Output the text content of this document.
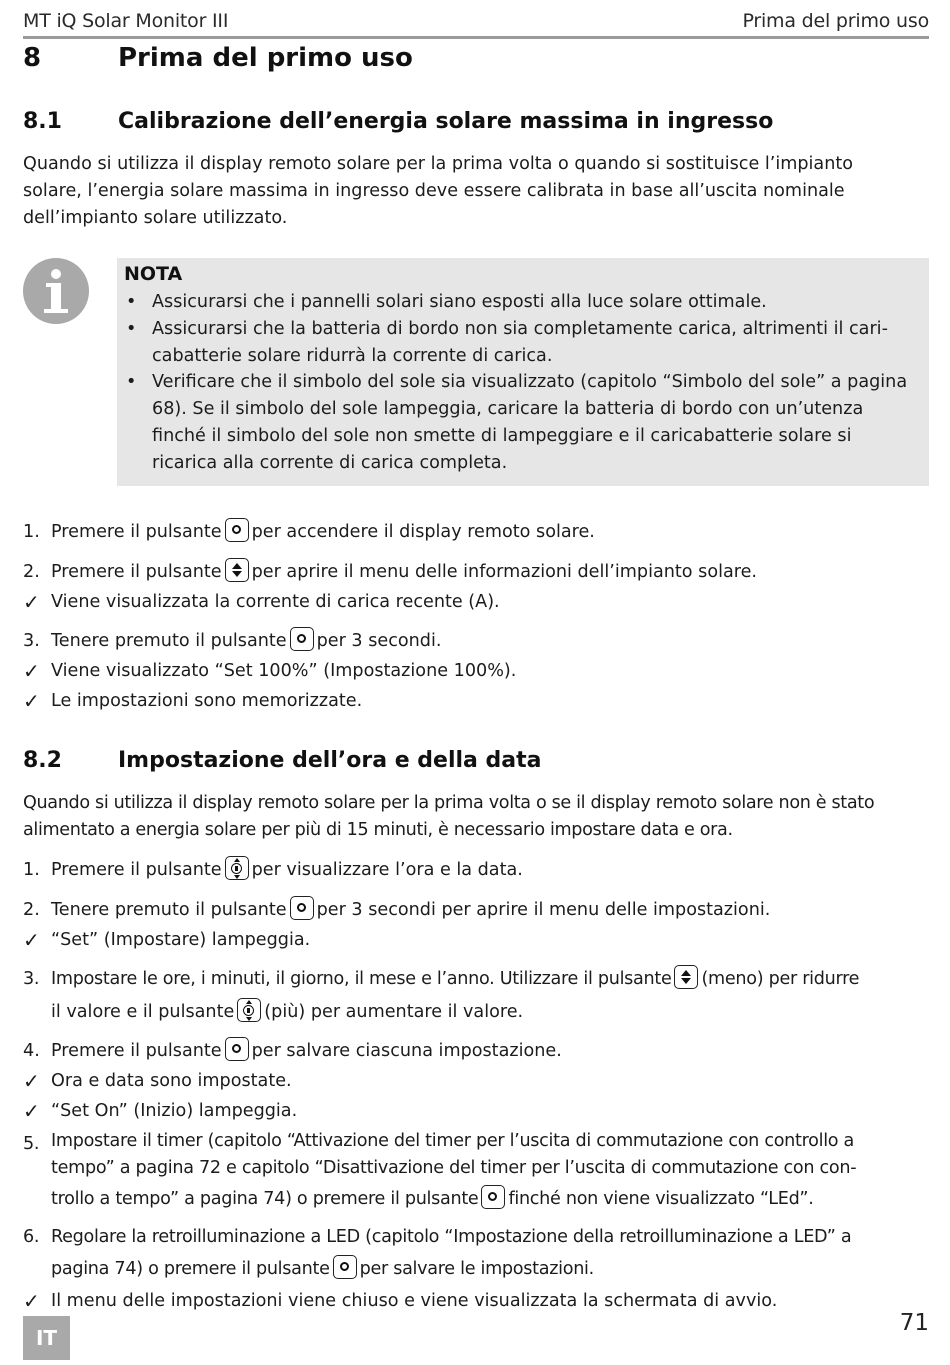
MT iQ Solar Monitor III	Prima del primo uso
8	Prima del primo uso
8.1	Calibrazione dell’energia solare massima in ingresso
Quando si utilizza il display remoto solare per la prima volta o quando si sostituisce l’impianto
solare, l’energia solare massima in ingresso deve essere calibrata in base all’uscita nominale
dell’impianto solare utilizzato.
NOTA
• Assicurarsi che i pannelli solari siano esposti alla luce solare ottimale.
• Assicurarsi che la batteria di bordo non sia completamente carica, altrimenti il cari-cabatterie solare ridurrà la corrente di carica.
• Verificare che il simbolo del sole sia visualizzato (capitolo “Simbolo del sole” a pagina 68). Se il simbolo del sole lampeggia, caricare la batteria di bordo con un’utenza finché il simbolo del sole non smette di lampeggiare e il caricabatterie solare si ricarica alla corrente di carica completa.
1. Premere il pulsante per accendere il display remoto solare.
2. Premere il pulsante per aprire il menu delle informazioni dell’impianto solare.
✓ Viene visualizzata la corrente di carica recente (A).
3. Tenere premuto il pulsante per 3 secondi.
✓ Viene visualizzato “Set 100%” (Impostazione 100%).
✓ Le impostazioni sono memorizzate.
8.2	Impostazione dell’ora e della data
Quando si utilizza il display remoto solare per la prima volta o se il display remoto solare non è stato
alimentato a energia solare per più di 15 minuti, è necessario impostare data e ora.
1. Premere il pulsante per visualizzare l’ora e la data.
2. Tenere premuto il pulsante per 3 secondi per aprire il menu delle impostazioni.
✓ “Set” (Impostare) lampeggia.
3. Impostare le ore, i minuti, il giorno, il mese e l’anno. Utilizzare il pulsante (meno) per ridurre
il valore e il pulsante (più) per aumentare il valore.
4. Premere il pulsante per salvare ciascuna impostazione.
✓ Ora e data sono impostate.
✓ “Set On” (Inizio) lampeggia.
5. Impostare il timer (capitolo “Attivazione del timer per l’uscita di commutazione con controllo a
tempo” a pagina 72 e capitolo “Disattivazione del timer per l’uscita di commutazione con con-
trollo a tempo” a pagina 74) o premere il pulsante finché non viene visualizzato “LEd”.
6. Regolare la retroilluminazione a LED (capitolo “Impostazione della retroilluminazione a LED” a
pagina 74) o premere il pulsante per salvare le impostazioni.
✓ Il menu delle impostazioni viene chiuso e viene visualizzata la schermata di avvio.
IT
71
